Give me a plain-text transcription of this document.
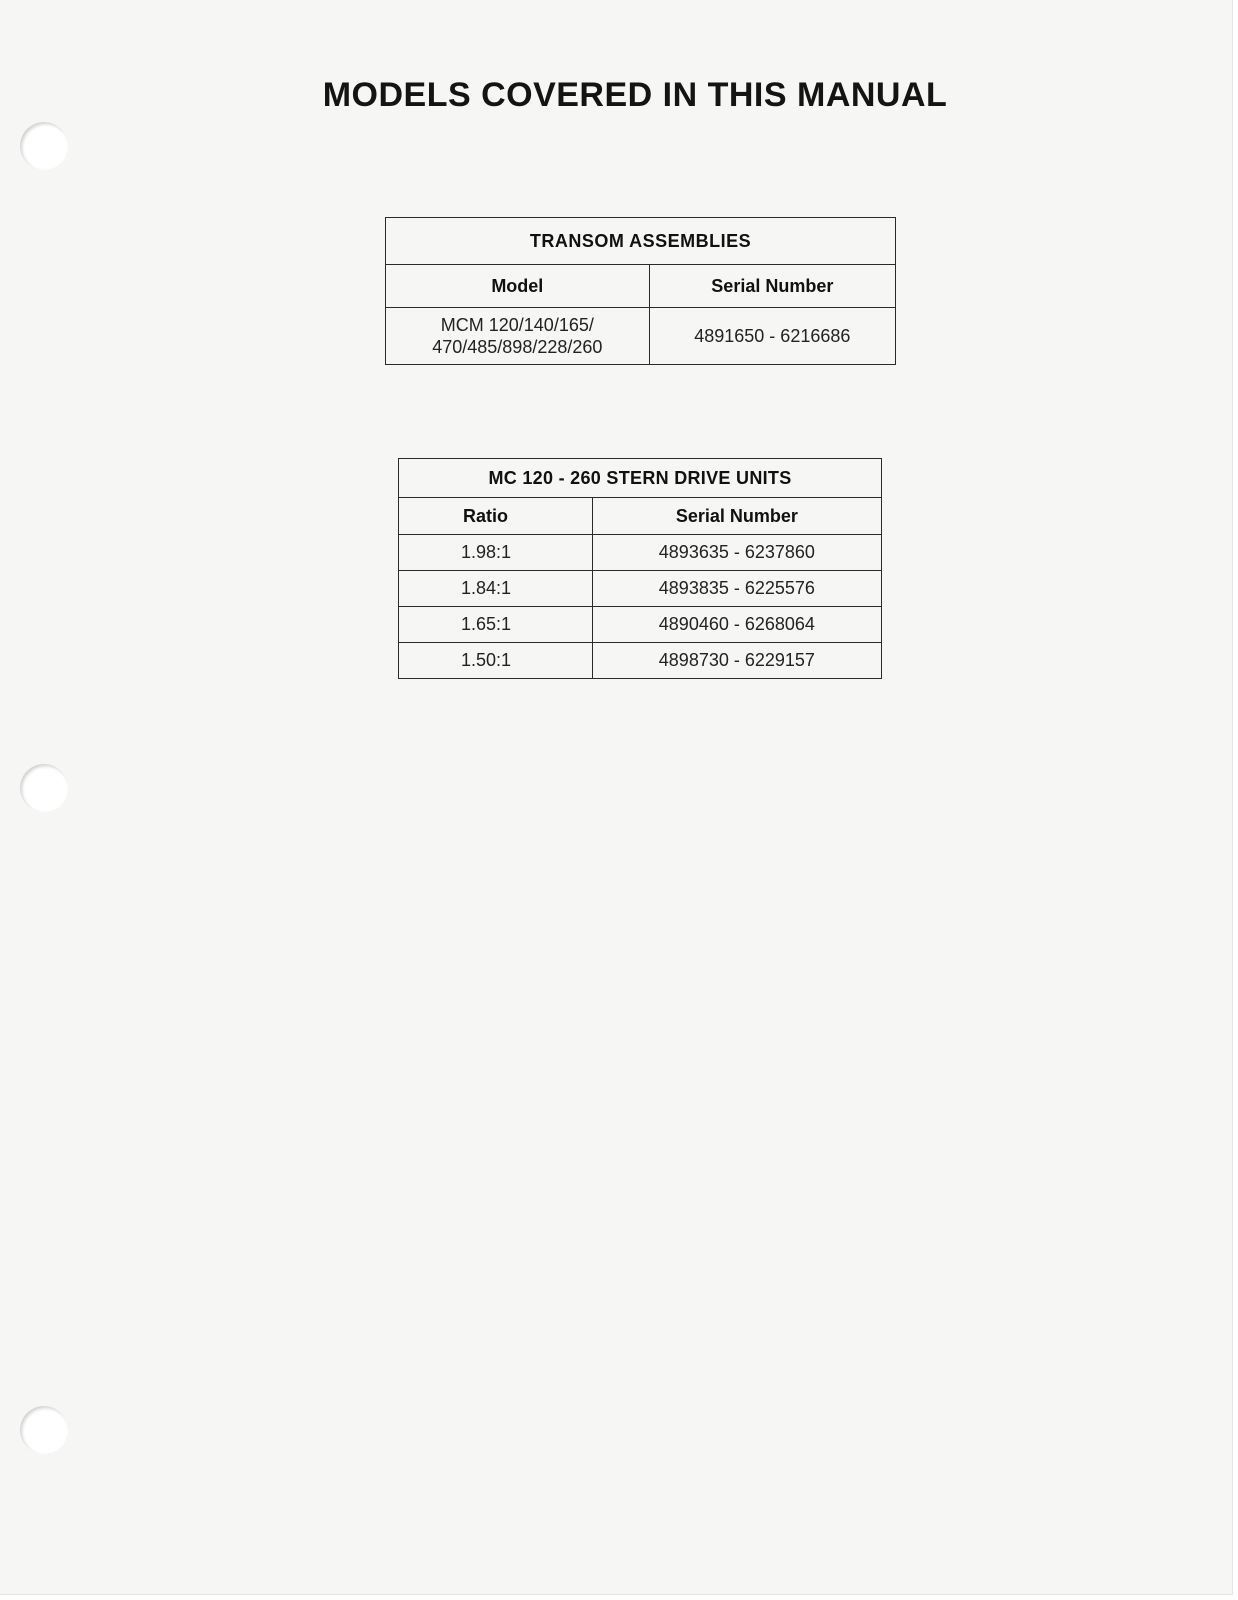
MODELS COVERED IN THIS MANUAL
TRANSOM ASSEMBLIES	
Model	Serial Number

MCM 120/140/165/
470/485/898/228/260	4891650 - 6216686
MC 120 - 260 STERN DRIVE UNITS	
Ratio	Serial Number
1.98:1	4893635 - 6237860
1.84:1	4893835 - 6225576
1.65:1	4890460 - 6268064
1.50:1	4898730 - 6229157
